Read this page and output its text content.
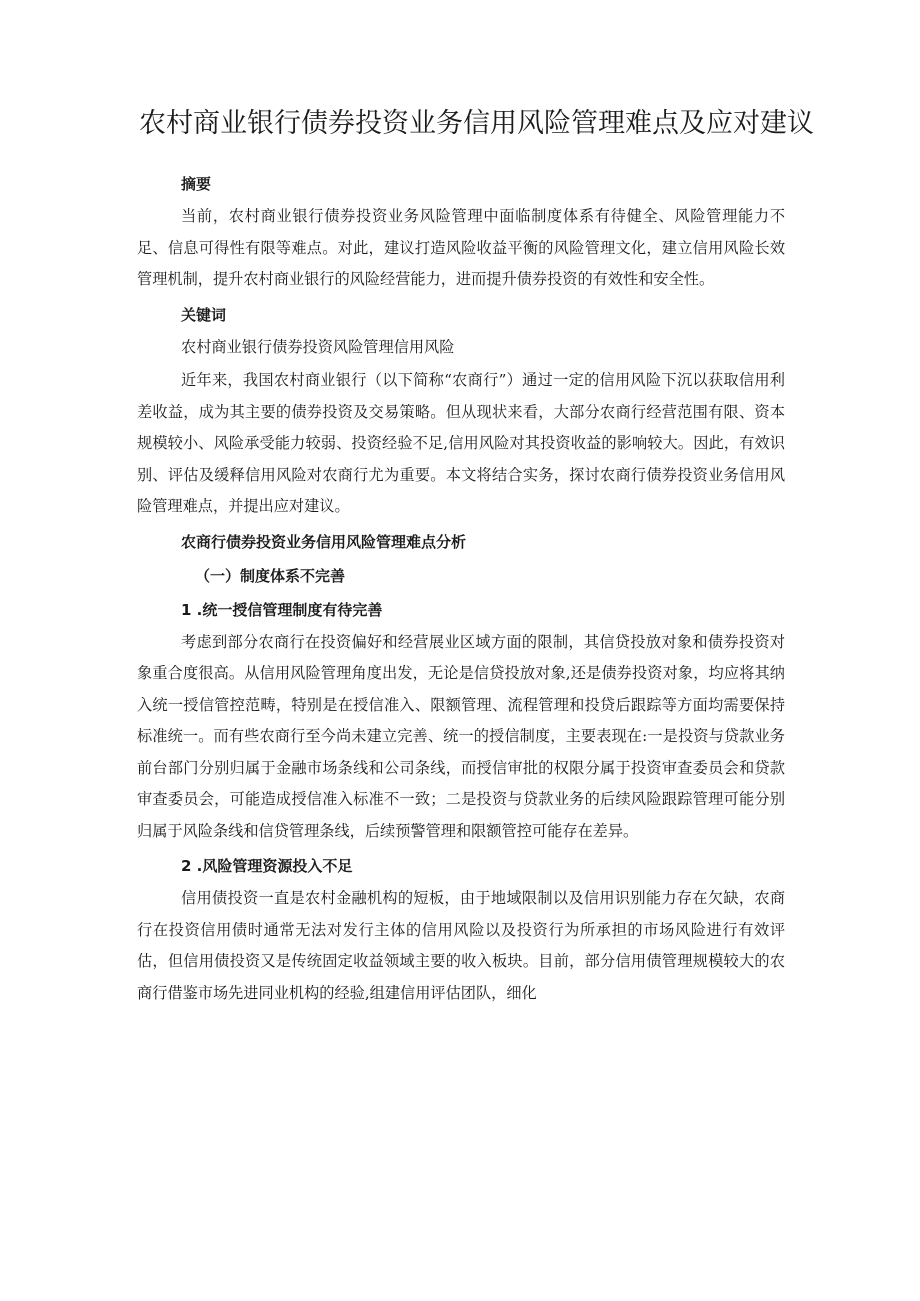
农村商业银行债券投资业务信用风险管理难点及应对建议
摘要

当前，农村商业银行债券投资业务风险管理中面临制度体系有待健全、风险管理能力不足、信息可得性有限等难点。对此，建议打造风险收益平衡的风险管理文化，建立信用风险长效管理机制，提升农村商业银行的风险经营能力，进而提升债券投资的有效性和安全性。

关键词

农村商业银行债券投资风险管理信用风险

近年来，我国农村商业银行（以下简称“农商行”）通过一定的信用风险下沉以获取信用利差收益，成为其主要的债券投资及交易策略。但从现状来看，大部分农商行经营范围有限、资本规模较小、风险承受能力较弱、投资经验不足,信用风险对其投资收益的影响较大。因此，有效识别、评估及缓释信用风险对农商行尤为重要。本文将结合实务，探讨农商行债券投资业务信用风险管理难点，并提出应对建议。

农商行债券投资业务信用风险管理难点分析
（一）制度体系不完善
1 .统一授信管理制度有待完善

考虑到部分农商行在投资偏好和经营展业区域方面的限制，其信贷投放对象和债券投资对象重合度很高。从信用风险管理角度出发，无论是信贷投放对象,还是债券投资对象，均应将其纳入统一授信管控范畴，特别是在授信准入、限额管理、流程管理和投贷后跟踪等方面均需要保持标准统一。而有些农商行至今尚未建立完善、统一的授信制度，主要表现在:一是投资与贷款业务前台部门分别归属于金融市场条线和公司条线，而授信审批的权限分属于投资审查委员会和贷款审查委员会，可能造成授信准入标准不一致；二是投资与贷款业务的后续风险跟踪管理可能分别归属于风险条线和信贷管理条线，后续预警管理和限额管控可能存在差异。

2 .风险管理资源投入不足

信用债投资一直是农村金融机构的短板，由于地域限制以及信用识别能力存在欠缺，农商行在投资信用债时通常无法对发行主体的信用风险以及投资行为所承担的市场风险进行有效评估，但信用债投资又是传统固定收益领域主要的收入板块。目前，部分信用债管理规模较大的农商行借鉴市场先进同业机构的经验,组建信用评估团队，细化
